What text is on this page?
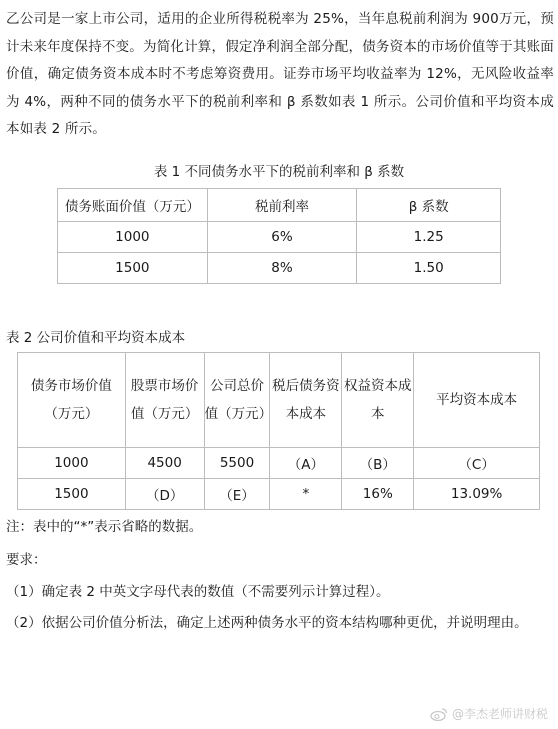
乙公司是一家上市公司，适用的企业所得税税率为 25%，当年息税前利润为 900万元，预计未来年度保持不变。为简化计算，假定净利润全部分配，债务资本的市场价值等于其账面价值，确定债务资本成本时不考虑筹资费用。证券市场平均收益率为 12%，无风险收益率为 4%，两种不同的债务水平下的税前利率和 β 系数如表 1 所示。公司价值和平均资本成本如表 2 所示。

表 1 不同债务水平下的税前利率和 β 系数
债务账面价值（万元）	税前利率	β 系数
1000	6%	1.25
1500	8%	1.50
表 2 公司价值和平均资本成本
债务市场价值（万元）	股票市场价值（万元）	公司总价值（万元）	税后债务资本成本	权益资本成本	平均资本成本
1000	4500	5500	（A）	（B）	（C）
1500	（D）	（E）	*	16%	13.09%

注：表中的“*”表示省略的数据。

要求：

（1）确定表 2 中英文字母代表的数值（不需要列示计算过程）。

（2）依据公司价值分析法，确定上述两种债务水平的资本结构哪种更优，并说明理由。

@李杰老师讲财税
